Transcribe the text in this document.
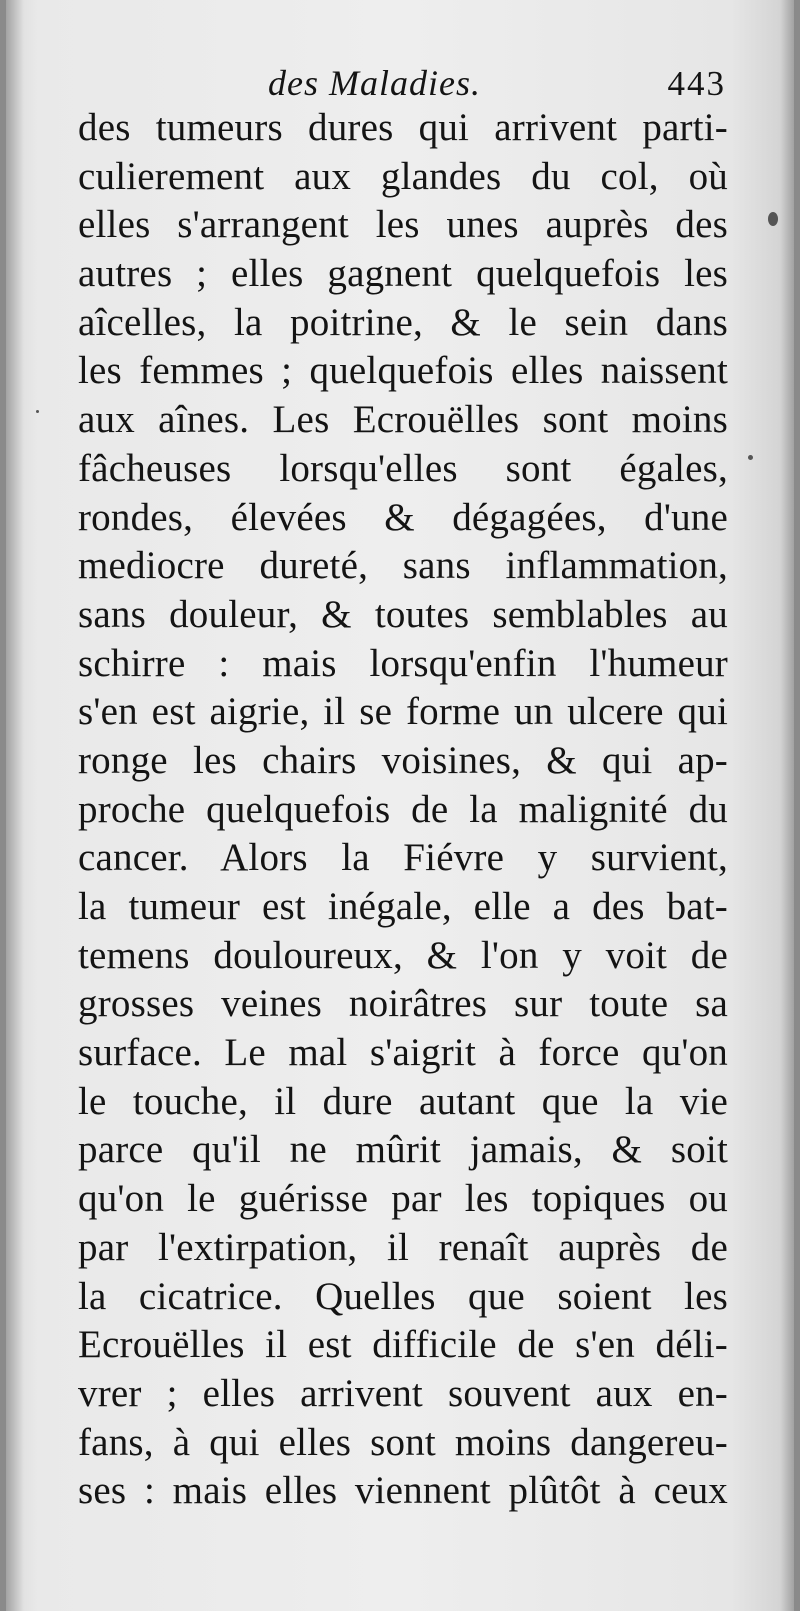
des Maladies.	443
des tumeurs dures qui arrivent parti-
culierement aux glandes du col, où
elles s'arrangent les unes auprès des
autres ; elles gagnent quelquefois les
aîcelles, la poitrine, & le sein dans
les femmes ; quelquefois elles naissent
aux aînes. Les Ecrouëlles sont moins
fâcheuses lorsqu'elles sont égales,
rondes, élevées & dégagées, d'une
mediocre dureté, sans inflammation,
sans douleur, & toutes semblables au
schirre : mais lorsqu'enfin l'humeur
s'en est aigrie, il se forme un ulcere qui
ronge les chairs voisines, & qui ap-
proche quelquefois de la malignité du
cancer. Alors la Fiévre y survient,
la tumeur est inégale, elle a des bat-
temens douloureux, & l'on y voit de
grosses veines noirâtres sur toute sa
surface. Le mal s'aigrit à force qu'on
le touche, il dure autant que la vie
parce qu'il ne mûrit jamais, & soit
qu'on le guérisse par les topiques ou
par l'extirpation, il renaît auprès de
la cicatrice. Quelles que soient les
Ecrouëlles il est difficile de s'en déli-
vrer ; elles arrivent souvent aux en-
fans, à qui elles sont moins dangereu-
ses : mais elles viennent plûtôt à ceux
